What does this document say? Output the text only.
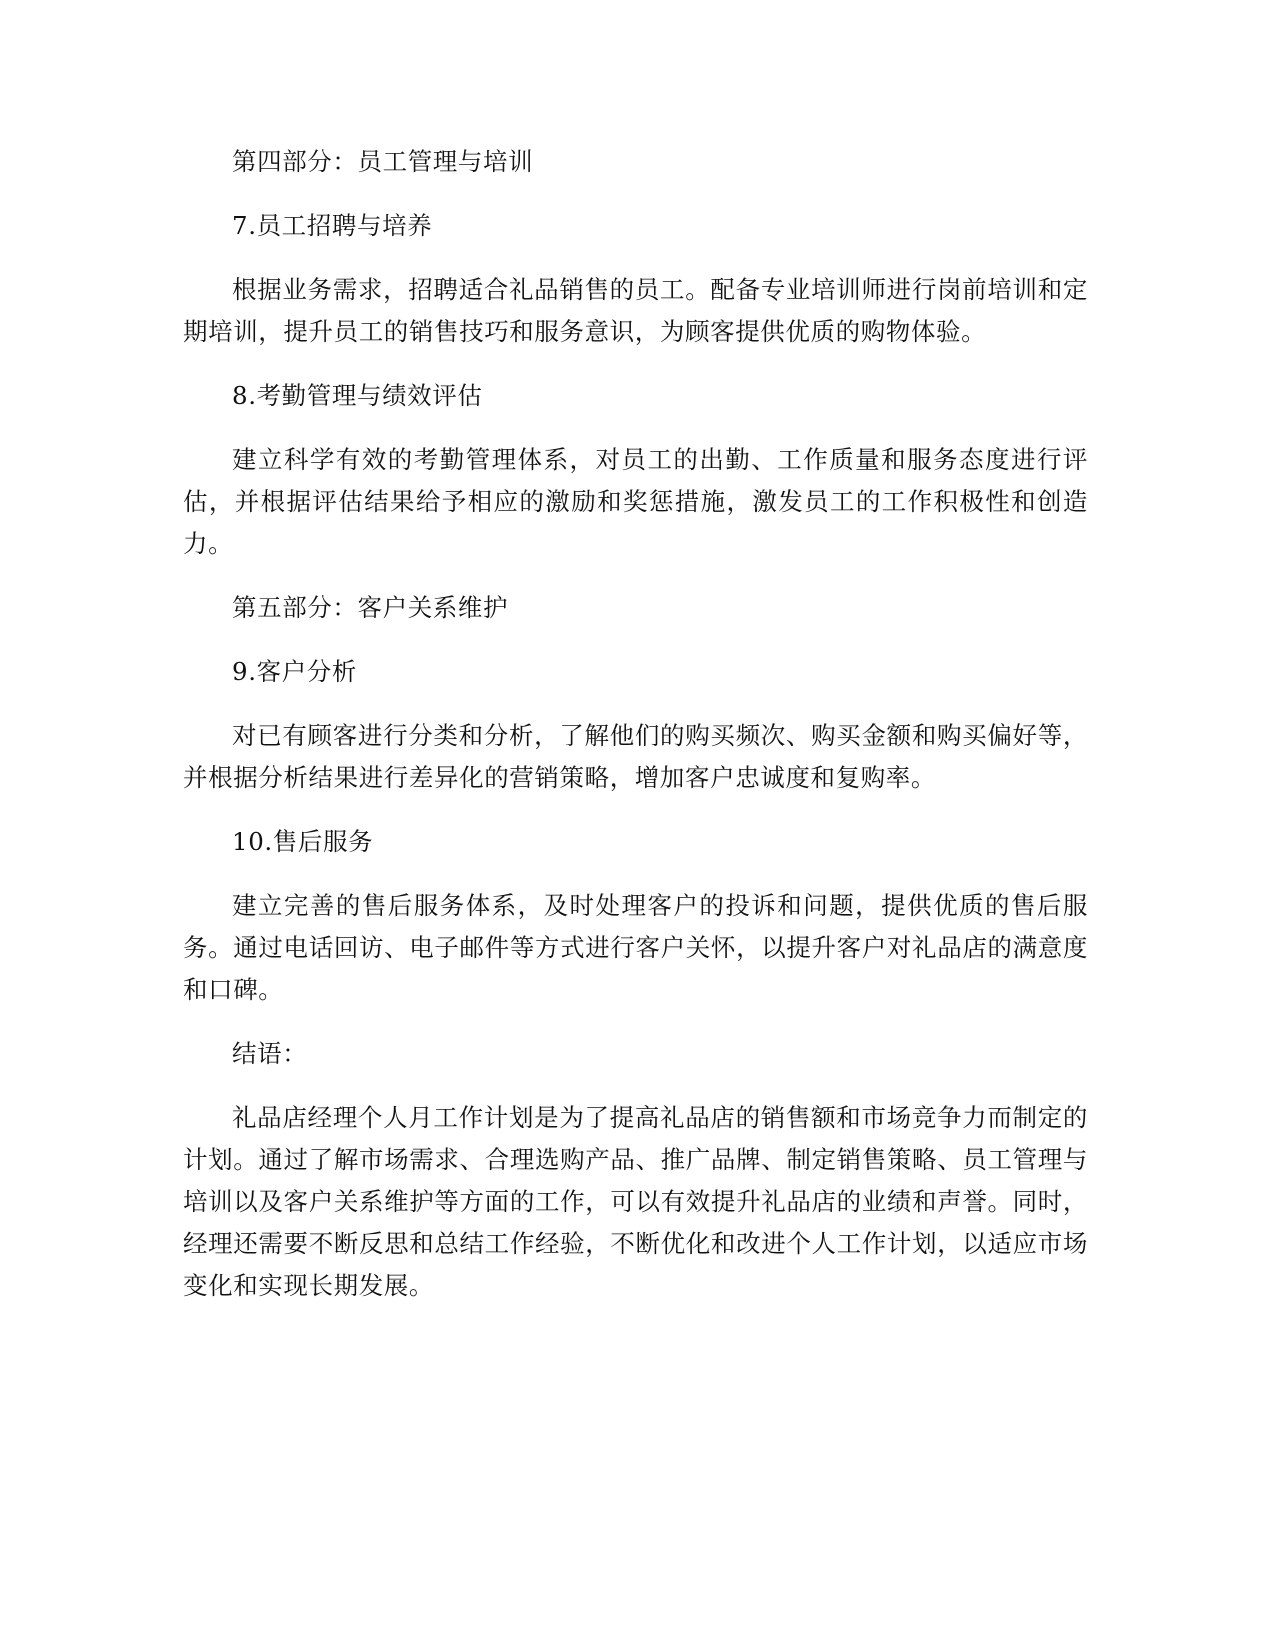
第四部分：员工管理与培训

7.员工招聘与培养

根据业务需求，招聘适合礼品销售的员工。配备专业培训师进行岗前培训和定期培训，提升员工的销售技巧和服务意识，为顾客提供优质的购物体验。

8.考勤管理与绩效评估

建立科学有效的考勤管理体系，对员工的出勤、工作质量和服务态度进行评估，并根据评估结果给予相应的激励和奖惩措施，激发员工的工作积极性和创造力。

第五部分：客户关系维护

9.客户分析

对已有顾客进行分类和分析，了解他们的购买频次、购买金额和购买偏好等，并根据分析结果进行差异化的营销策略，增加客户忠诚度和复购率。

10.售后服务

建立完善的售后服务体系，及时处理客户的投诉和问题，提供优质的售后服务。通过电话回访、电子邮件等方式进行客户关怀，以提升客户对礼品店的满意度和口碑。

结语：

礼品店经理个人月工作计划是为了提高礼品店的销售额和市场竞争力而制定的计划。通过了解市场需求、合理选购产品、推广品牌、制定销售策略、员工管理与培训以及客户关系维护等方面的工作，可以有效提升礼品店的业绩和声誉。同时，经理还需要不断反思和总结工作经验，不断优化和改进个人工作计划，以适应市场变化和实现长期发展。
